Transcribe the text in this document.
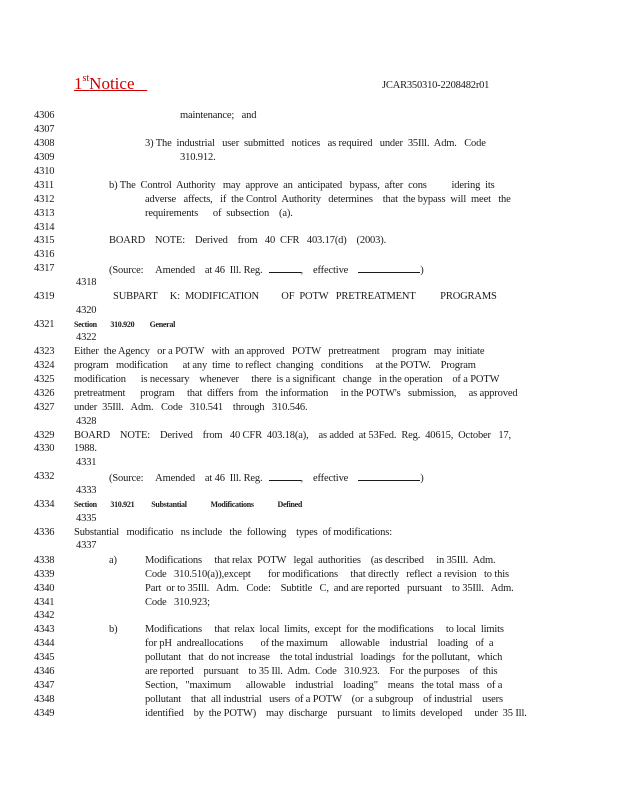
1stNotice	JCAR350310-2208482r01
4306	maintenance;   and
4307
4308	3) The  industrial   user  submitted   notices   as required   under  35Ill.  Adm.   Code
4309	310.912.
4310
4311	b) The  Control  Authority   may  approve  an  anticipated   bypass,  after  cons          idering  its
4312	adverse   affects,   if  the Control  Authority   determines    that  the bypass  will  meet   the
4313	requirements      of  subsection    (a).
4314
4315	BOARD    NOTE:    Derived    from   40  CFR   403.17(d)    (2003).
4316
4317	(Source:     Amended    at 46  Ill. Reg.	, effective	)
4318
4319	SUBPART     K:  MODIFICATION         OF  POTW   PRETREATMENT          PROGRAMS
4320
4321 Section        310.920         General
4322
4323 Either  the Agency   or a POTW   with  an approved   POTW   pretreatment     program   may  initiate
4324 program   modification      at any  time  to reflect  changing   conditions     at the POTW.    Program
4325 modification      is necessary    whenever     there  is a significant   change   in the operation    of a POTW
4326 pretreatment      program     that  differs  from   the information     in the POTW's   submission,     as approved
4327 under  35Ill.   Adm.   Code   310.541    through   310.546.
4328
4329 BOARD    NOTE:    Derived    from   40 CFR  403.18(a),    as added  at 53Fed.  Reg.  40615,  October   17,
4330 1988.
4331
4332	(Source:     Amended    at 46  Ill. Reg.	, effective	)
4333
4334 Section        310.921          Substantial              Modifications              Defined
4335
4336 Substantial   modificatio   ns include   the  following    types  of modifications:
4337
4338	a)	Modifications     that relax  POTW   legal  authorities    (as described     in 35Ill.  Adm.
4339	Code   310.510(a)),except       for modifications     that directly   reflect  a revision   to this
4340	Part  or to 35Ill.   Adm.   Code:    Subtitle   C,  and are reported   pursuant    to 35Ill.   Adm.
4341	Code   310.923;
4342
4343	b)	Modifications     that  relax  local  limits,  except  for  the modifications     to local  limits
4344	for pH  andreallocations       of the maximum     allowable    industrial    loading   of  a
4345	pollutant   that  do not increase    the total industrial   loadings   for the pollutant,   which
4346	are reported    pursuant    to 35 Ill.  Adm.  Code   310.923.    For  the purposes    of  this
4347	Section,   "maximum      allowable    industrial    loading"    means   the total  mass   of a
4348	pollutant    that  all industrial   users  of a POTW    (or  a subgroup    of industrial    users
4349	identified    by  the POTW)    may  discharge    pursuant    to limits  developed     under  35 Ill.
